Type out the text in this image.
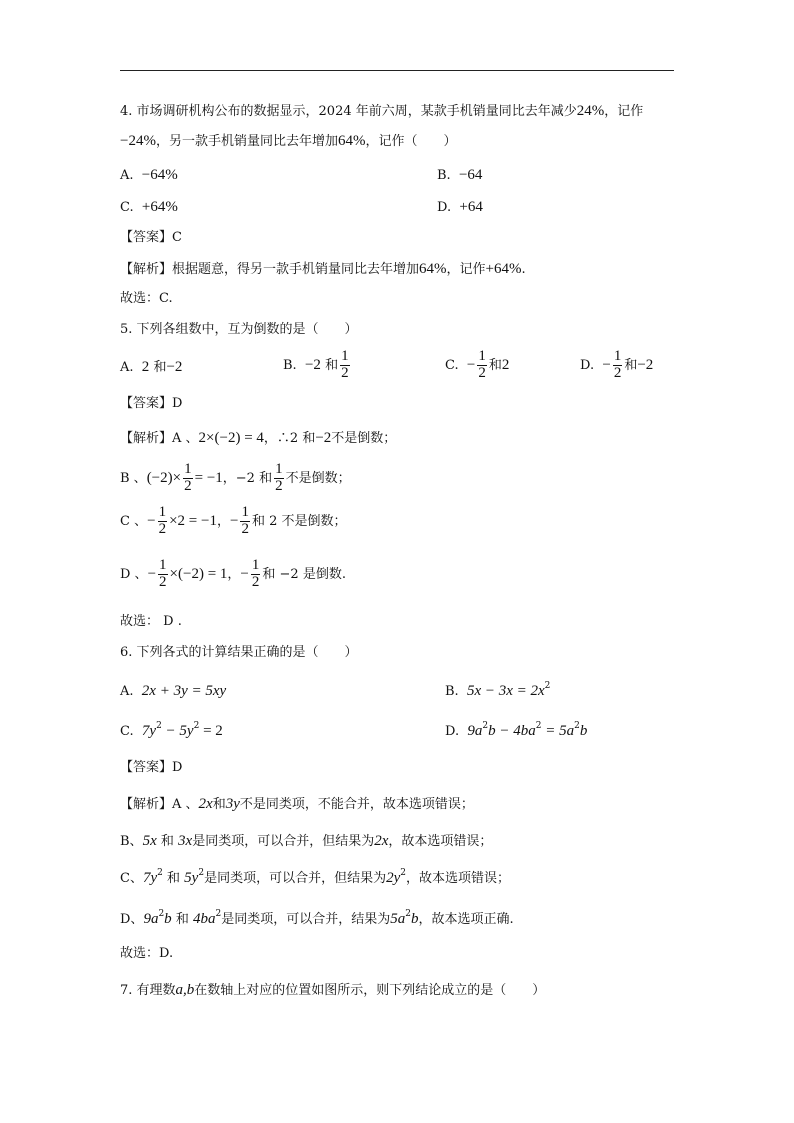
4. 市场调研机构公布的数据显示，2024 年前六周，某款手机销量同比去年减少24%，记作
−24%，另一款手机销量同比去年增加64%，记作（　　）
A. −64%	B. −64
C. +64%	D. +64
【答案】C
【解析】根据题意，得另一款手机销量同比去年增加64%，记作+64%.
故选：C.
5. 下列各组数中，互为倒数的是（　　）
A. 2 和−2	B. −2 和 $\frac{1}{2}$	C. − $\frac{1}{2}$ 和2	D. − $\frac{1}{2}$ 和−2
【答案】D
【解析】A 、2×(−2) = 4，∴2 和−2不是倒数；
B 、$(-2)\times \frac{1}{2} = -1$，−2 和 $\frac{1}{2}$ 不是倒数；
C 、− $\frac{1}{2} \times 2 = -1$，− $\frac{1}{2}$ 和 2 不是倒数；
D 、− $\frac{1}{2} \times(-2) = 1$，− $\frac{1}{2}$ 和 −2 是倒数.
故选： D .
6. 下列各式的计算结果正确的是（　　）
A. 2x + 3y = 5xy	B. $5x - 3x = 2x^2$
C. $7y^2 - 5y^2 = 2$	D. $9a^2b - 4ba^2 = 5a^2b$
【答案】D
【解析】A 、2x和3y不是同类项，不能合并，故本选项错误；
B、5x 和 3x是同类项，可以合并，但结果为2x，故本选项错误；
C、$7y^2$ 和 $5y^2$是同类项，可以合并，但结果为$2y^2$，故本选项错误；
D、$9a^2b$ 和 $4ba^2$是同类项，可以合并，结果为$5a^2b$，故本选项正确.
故选：D.
7. 有理数a,b在数轴上对应的位置如图所示，则下列结论成立的是（　　）
